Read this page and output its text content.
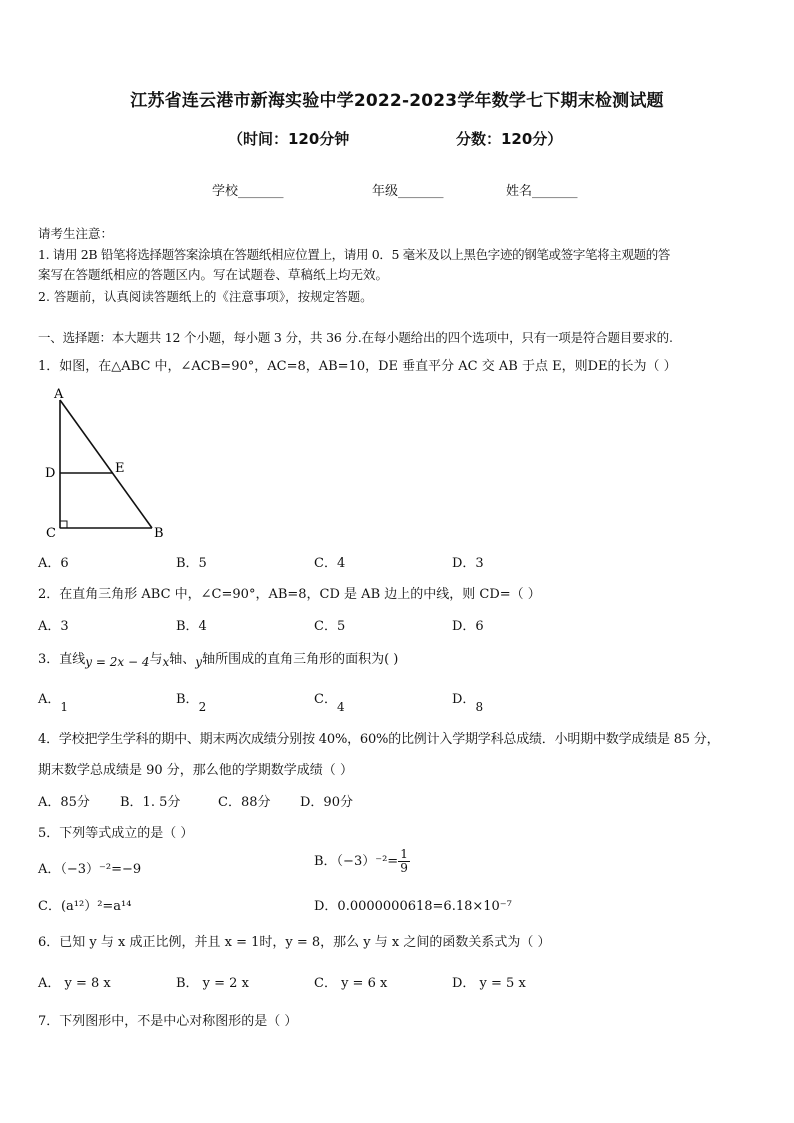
江苏省连云港市新海实验中学2022-2023学年数学七下期末检测试题
（时间：120分钟	分数：120分）
学校_______	年级_______	姓名_______
请考生注意：
1. 请用 2B 铅笔将选择题答案涂填在答题纸相应位置上，请用 0．5 毫米及以上黑色字迹的钢笔或签字笔将主观题的答
案写在答题纸相应的答题区内。写在试题卷、草稿纸上均无效。
2. 答题前，认真阅读答题纸上的《注意事项》，按规定答题。
一、选择题：本大题共 12 个小题，每小题 3 分，共 36 分.在每小题给出的四个选项中，只有一项是符合题目要求的.
1．如图，在△ABC 中，∠ACB=90°，AC=8，AB=10，DE 垂直平分 AC 交 AB 于点 E，则DE的长为（ ）
A
D	E
C	B
A．6	B．5	C．4	D．3
2．在直角三角形 ABC 中，∠C=90°，AB=8，CD 是 AB 边上的中线，则 CD=（ ）
A．3	B．4	C．5	D．6
3．直线y = 2x − 4与x轴、y轴所围成的直角三角形的面积为( )
A．1	B．2	C．4	D．8
4．学校把学生学科的期中、期末两次成绩分别按 40%，60%的比例计入学期学科总成绩．小明期中数学成绩是 85 分，
期末数学总成绩是 90 分，那么他的学期数学成绩（ ）
A．85分 B．1. 5分	C．88分 D．90分
5．下列等式成立的是（ ）
A．（−3）⁻²=−9
B．$(-3)^{-2}= \frac{1}{9}$
C．(a¹²）²=a¹⁴	D．0.0000000618=6.18×10⁻⁷
6．已知 y 与 x 成正比例，并且 x = 1时，y = 8，那么 y 与 x 之间的函数关系式为（ ）
A． y = 8 x	B． y = 2 x	C． y = 6 x	D． y = 5 x
7．下列图形中，不是中心对称图形的是（ ）
